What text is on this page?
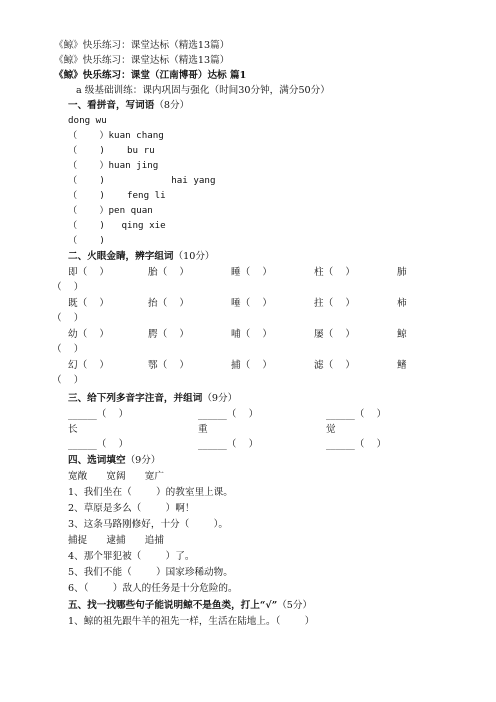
《鲸》快乐练习：课堂达标（精选13篇）
《鲸》快乐练习：课堂达标（精选13篇）
《鲸》快乐练习：课堂（江南博哥）达标 篇1
a 级基础训练：课内巩固与强化（时间30分钟，满分50分）
一、看拼音，写词语（8分）
dong wu
（    ）kuan chang
（    )    bu ru
（    ）huan jing
（    )            hai yang
（    )    feng li
（    ）pen quan
（    )   qing xie
（    )
二、火眼金睛，辨字组词（10分）
即（    ）	胎（    ）	睡（    ）	柱（    ）	肺
（    ）
既（    ）	抬（    ）	唾（    ）	拄（    ）	柿
（    ）
幼（    ）	腭（    ）	哺（    ）	屡（    ）	鲸
（    ）
幻（    ）	鄂（    ）	捕（    ）	滤（    ）	鳍
（    ）
三、给下列多音字注音，并组词（9分）
______（    ）	______（    ）	______（    ）
长	重	觉
______（    ）	______（    ）	______（    ）
四、选词填空（9分）
宽敞　　宽阔　　宽广
1、我们坐在（        ）的教室里上课。
2、草原是多么（        ）啊！
3、这条马路刚修好，十分（        ）。
捕捉　　逮捕　　追捕
4、那个罪犯被（        ）了。
5、我们不能（        ）国家珍稀动物。
6、（        ）敌人的任务是十分危险的。
五、找一找哪些句子能说明鲸不是鱼类，打上“√”（5分）
1、鲸的祖先跟牛羊的祖先一样，生活在陆地上。（        ）
